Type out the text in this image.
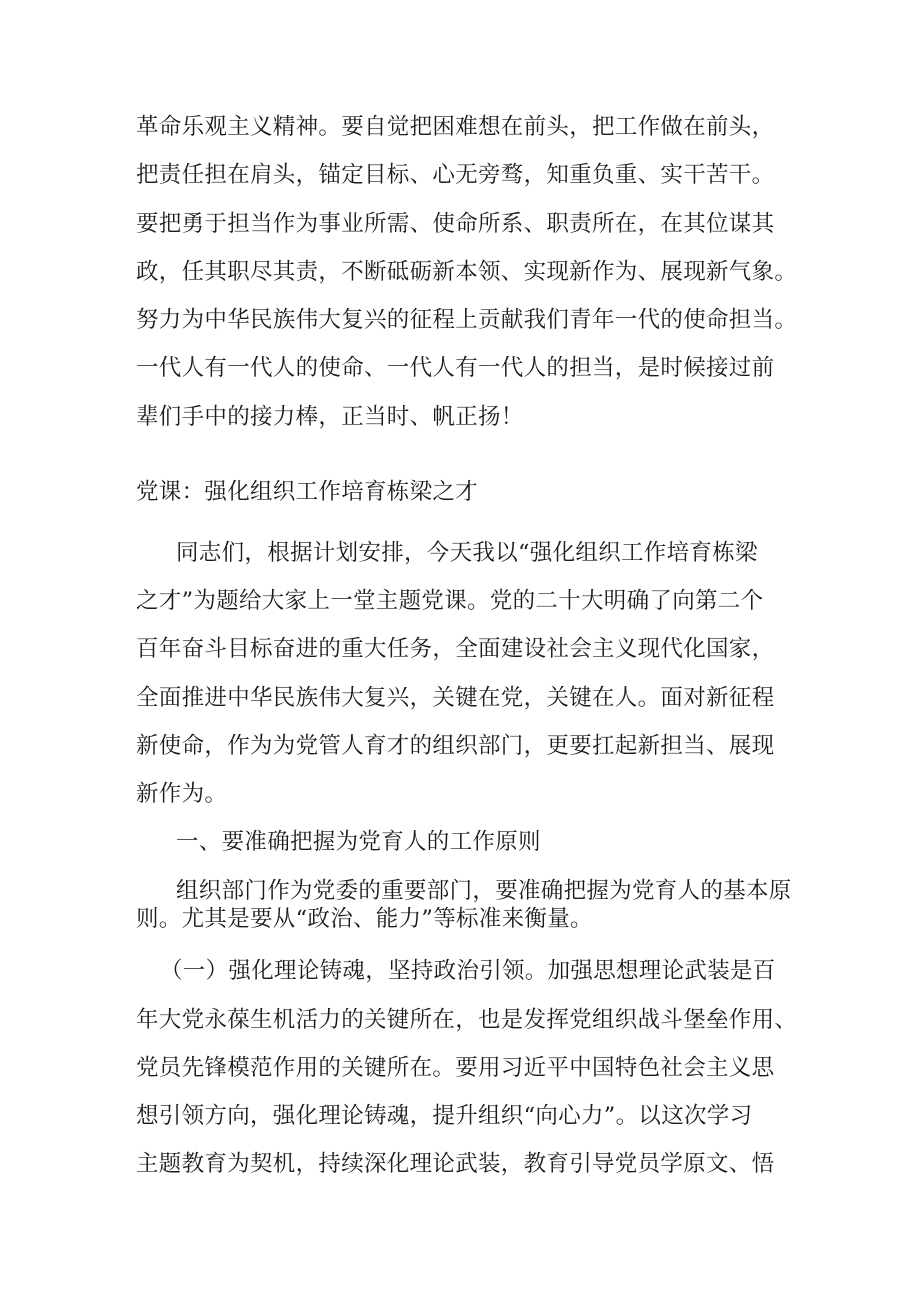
革命乐观主义精神。要自觉把困难想在前头，把工作做在前头，
把责任担在肩头，锚定目标、心无旁骛，知重负重、实干苦干。
要把勇于担当作为事业所需、使命所系、职责所在，在其位谋其
政，任其职尽其责，不断砥砺新本领、实现新作为、展现新气象。
努力为中华民族伟大复兴的征程上贡献我们青年一代的使命担当。
一代人有一代人的使命、一代人有一代人的担当，是时候接过前
辈们手中的接力棒，正当时、帆正扬！
党课：强化组织工作培育栋梁之才
同志们，根据计划安排，今天我以“强化组织工作培育栋梁
之才”为题给大家上一堂主题党课。党的二十大明确了向第二个
百年奋斗目标奋进的重大任务，全面建设社会主义现代化国家，
全面推进中华民族伟大复兴，关键在党，关键在人。面对新征程
新使命，作为为党管人育才的组织部门，更要扛起新担当、展现
新作为。
一、要准确把握为党育人的工作原则
组织部门作为党委的重要部门，要准确把握为党育人的基本原
则。尤其是要从“政治、能力”等标准来衡量。
（一）强化理论铸魂，坚持政治引领。加强思想理论武装是百
年大党永葆生机活力的关键所在，也是发挥党组织战斗堡垒作用、
党员先锋模范作用的关键所在。要用习近平中国特色社会主义思
想引领方向，强化理论铸魂，提升组织“向心力”。以这次学习
主题教育为契机，持续深化理论武装，教育引导党员学原文、悟
